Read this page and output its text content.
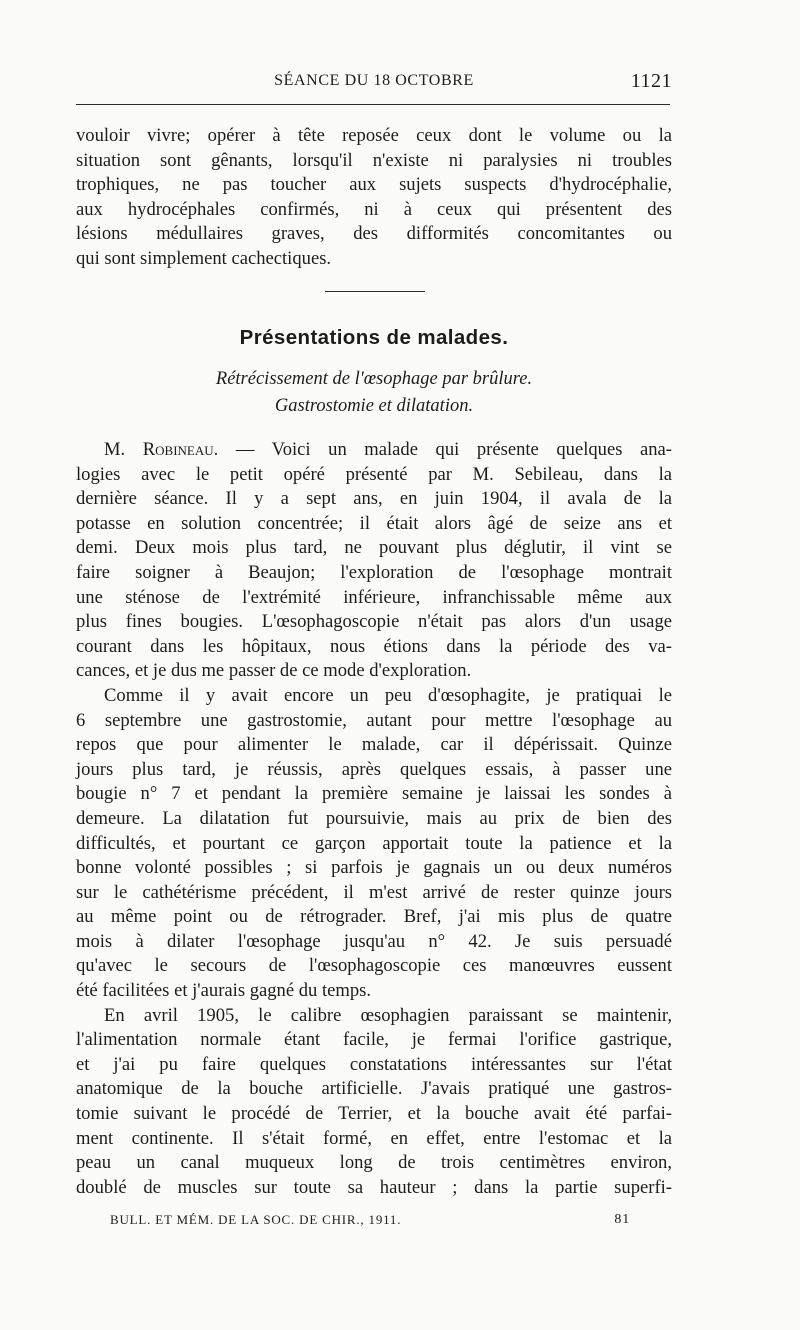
SÉANCE DU 18 OCTOBRE	1121
vouloir vivre; opérer à tête reposée ceux dont le volume ou la
situation sont gênants, lorsqu'il n'existe ni paralysies ni troubles
trophiques, ne pas toucher aux sujets suspects d'hydrocéphalie,
aux hydrocéphales confirmés, ni à ceux qui présentent des
lésions médullaires graves, des difformités concomitantes ou
qui sont simplement cachectiques.
Présentations de malades.
Rétrécissement de l'œsophage par brûlure.
Gastrostomie et dilatation.
M. Robineau. — Voici un malade qui présente quelques ana-
logies avec le petit opéré présenté par M. Sebileau, dans la
dernière séance. Il y a sept ans, en juin 1904, il avala de la
potasse en solution concentrée; il était alors âgé de seize ans et
demi. Deux mois plus tard, ne pouvant plus déglutir, il vint se
faire soigner à Beaujon; l'exploration de l'œsophage montrait
une sténose de l'extrémité inférieure, infranchissable même aux
plus fines bougies. L'œsophagoscopie n'était pas alors d'un usage
courant dans les hôpitaux, nous étions dans la période des va-
cances, et je dus me passer de ce mode d'exploration.
Comme il y avait encore un peu d'œsophagite, je pratiquai le
6 septembre une gastrostomie, autant pour mettre l'œsophage au
repos que pour alimenter le malade, car il dépérissait. Quinze
jours plus tard, je réussis, après quelques essais, à passer une
bougie n° 7 et pendant la première semaine je laissai les sondes à
demeure. La dilatation fut poursuivie, mais au prix de bien des
difficultés, et pourtant ce garçon apportait toute la patience et la
bonne volonté possibles ; si parfois je gagnais un ou deux numéros
sur le cathétérisme précédent, il m'est arrivé de rester quinze jours
au même point ou de rétrograder. Bref, j'ai mis plus de quatre
mois à dilater l'œsophage jusqu'au n° 42. Je suis persuadé
qu'avec le secours de l'œsophagoscopie ces manœuvres eussent
été facilitées et j'aurais gagné du temps.
En avril 1905, le calibre œsophagien paraissant se maintenir,
l'alimentation normale étant facile, je fermai l'orifice gastrique,
et j'ai pu faire quelques constatations intéressantes sur l'état
anatomique de la bouche artificielle. J'avais pratiqué une gastros-
tomie suivant le procédé de Terrier, et la bouche avait été parfai-
ment continente. Il s'était formé, en effet, entre l'estomac et la
peau un canal muqueux long de trois centimètres environ,
doublé de muscles sur toute sa hauteur ; dans la partie superfi-
BULL. ET MÉM. DE LA SOC. DE CHIR., 1911.	81
